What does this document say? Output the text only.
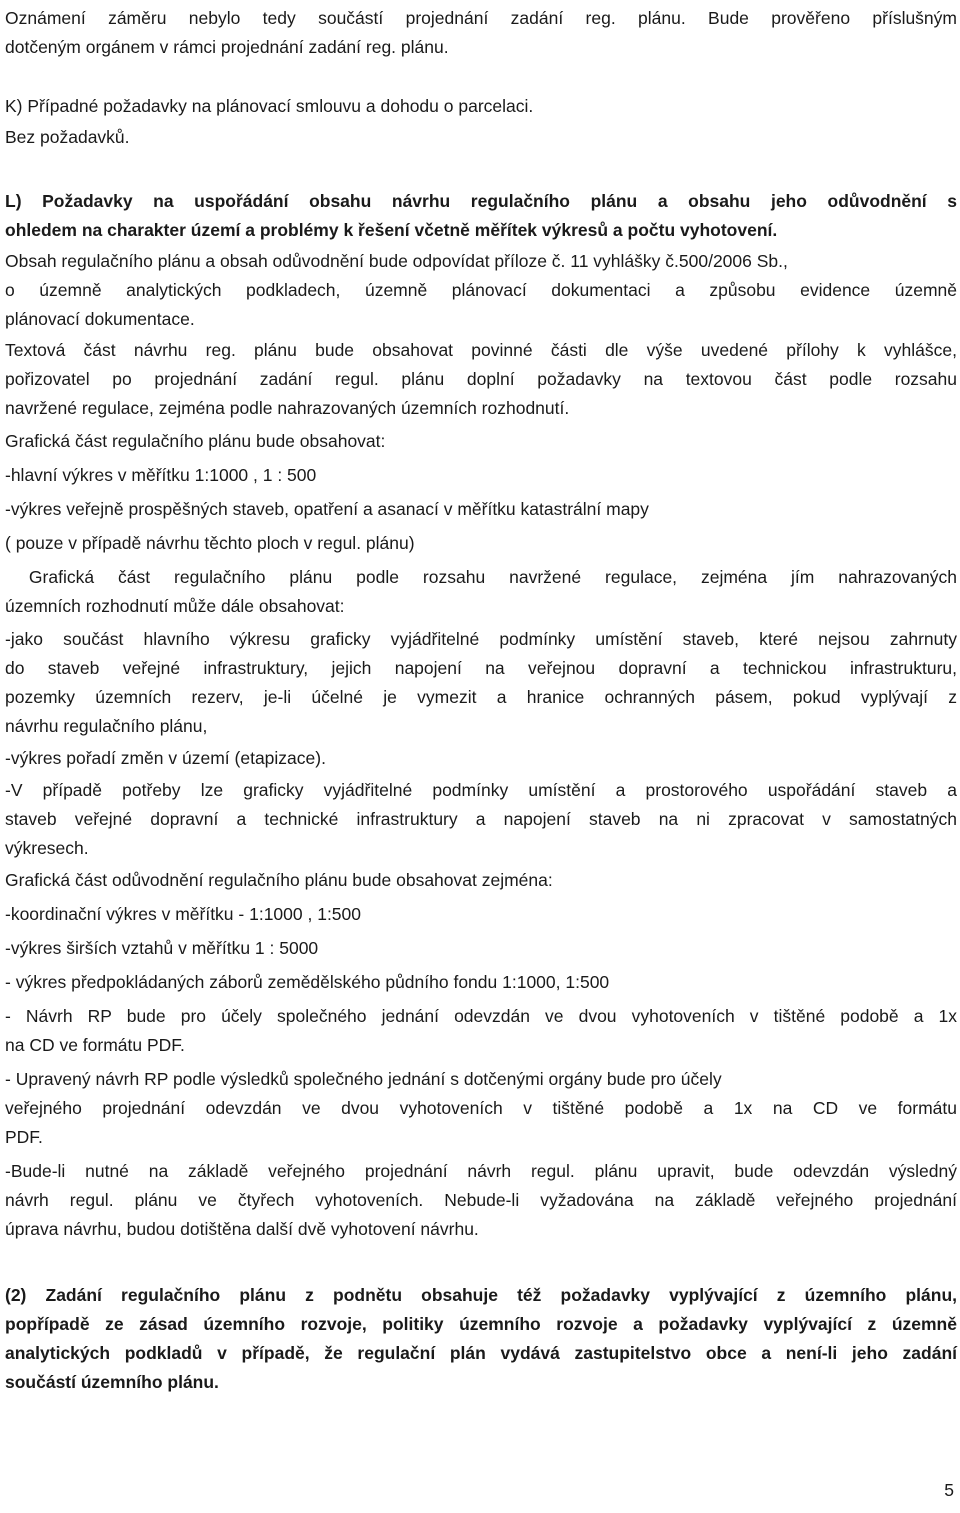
Oznámení záměru nebylo tedy součástí projednání zadání reg. plánu. Bude prověřeno příslušným
dotčeným orgánem v rámci projednání zadání reg. plánu.

K) Případné požadavky na plánovací smlouvu a dohodu o parcelaci.

Bez požadavků.

L) Požadavky na uspořádání obsahu návrhu regulačního plánu a obsahu jeho odůvodnění s
ohledem na charakter území a problémy k řešení včetně měřítek výkresů a počtu vyhotovení.

Obsah regulačního plánu a obsah odůvodnění bude odpovídat příloze č. 11 vyhlášky č.500/2006 Sb.,
o územně analytických podkladech, územně plánovací dokumentaci a způsobu evidence územně
plánovací dokumentace.

Textová část návrhu reg. plánu bude obsahovat povinné části dle výše uvedené přílohy k vyhlášce,
pořizovatel po projednání zadání regul. plánu doplní požadavky na textovou část podle rozsahu
navržené regulace, zejména podle nahrazovaných územních rozhodnutí.

Grafická část regulačního plánu bude obsahovat:

-hlavní výkres v měřítku 1:1000 , 1 : 500

-výkres veřejně prospěšných staveb, opatření a asanací v měřítku katastrální mapy

( pouze v případě návrhu těchto ploch v regul. plánu)

Grafická část regulačního plánu podle rozsahu navržené regulace, zejména jím nahrazovaných
územních rozhodnutí může dále obsahovat:

-jako součást hlavního výkresu graficky vyjádřitelné podmínky umístění staveb, které nejsou zahrnuty
do staveb veřejné infrastruktury, jejich napojení na veřejnou dopravní a technickou infrastrukturu,
pozemky územních rezerv, je-li účelné je vymezit a hranice ochranných pásem, pokud vyplývají z
návrhu regulačního plánu,

-výkres pořadí změn v území (etapizace).

-V případě potřeby lze graficky vyjádřitelné podmínky umístění a prostorového uspořádání staveb a
staveb veřejné dopravní a technické infrastruktury a napojení staveb na ni zpracovat v samostatných
výkresech.

Grafická část odůvodnění regulačního plánu bude obsahovat zejména:

-koordinační výkres v měřítku - 1:1000 , 1:500

-výkres širších vztahů v měřítku 1 : 5000

- výkres předpokládaných záborů zemědělského půdního fondu 1:1000, 1:500

- Návrh RP bude pro účely společného jednání odevzdán ve dvou vyhotoveních v tištěné podobě a 1x
na CD ve formátu PDF.

- Upravený návrh RP podle výsledků společného jednání s dotčenými orgány bude pro účely
veřejného projednání odevzdán ve dvou vyhotoveních v tištěné podobě a 1x na CD ve formátu
PDF.

-Bude-li nutné na základě veřejného projednání návrh regul. plánu upravit, bude odevzdán výsledný
návrh regul. plánu ve čtyřech vyhotoveních. Nebude-li vyžadována na základě veřejného projednání
úprava návrhu, budou dotištěna další dvě vyhotovení návrhu.

(2) Zadání regulačního plánu z podnětu obsahuje též požadavky vyplývající z územního plánu,
popřípadě ze zásad územního rozvoje, politiky územního rozvoje a požadavky vyplývající z územně
analytických podkladů v případě, že regulační plán vydává zastupitelstvo obce a není-li jeho zadání
součástí územního plánu.

5
